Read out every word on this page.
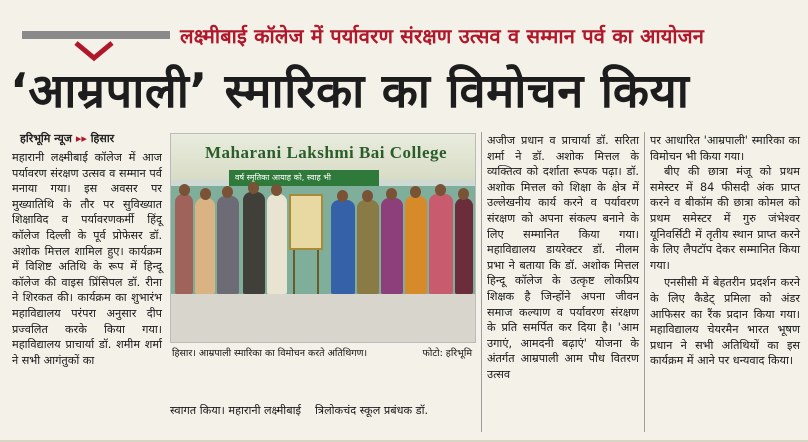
लक्ष्मीबाई कॉलेज में पर्यावरण संरक्षण उत्सव व सम्मान पर्व का आयोजन
‘आम्रपाली’ स्मारिका का विमोचन किया
हरिभूमि न्यूज ▸▸ हिसार

महारानी लक्ष्मीबाई कॉलेज में आज पर्यावरण संरक्षण उत्सव व सम्मान पर्व मनाया गया। इस अवसर पर मुख्यातिथि के तौर पर सुविख्यात शिक्षाविद व पर्यावरणकर्मी हिंदू कॉलेज दिल्ली के पूर्व प्रोफेसर डॉ. अशोक मित्तल शामिल हुए। कार्यक्रम में विशिष्ट अतिथि के रूप में हिन्दू कॉलेज की वाइस प्रिंसिपल डॉ. रीना ने शिरकत की। कार्यक्रम का शुभारंभ महाविद्यालय परंपरा अनुसार दीप प्रज्वलित करके किया गया। महाविद्यालय प्राचार्या डॉ. शमीम शर्मा ने सभी आगंतुकों का

Maharani Lakshmi Bai College
वर्ष स्मृतिका आयाह को, स्वाह भी
हिसार। आम्रपाली स्मारिका का विमोचन करते अतिथिगण।	फोटो: हरिभूमि
स्वागत किया। महारानी लक्ष्मीबाई त्रिलोकचंद स्कूल प्रबंधक डॉ.

अजीज प्रधान व प्राचार्या डॉ. सरिता शर्मा ने डॉ. अशोक मित्तल के व्यक्तित्व को दर्शाता रूपक पढ़ा। डॉ. अशोक मित्तल को शिक्षा के क्षेत्र में उल्लेखनीय कार्य करने व पर्यावरण संरक्षण को अपना संकल्प बनाने के लिए सम्मानित किया गया। महाविद्यालय डायरेक्टर डॉ. नीलम प्रभा ने बताया कि डॉ. अशोक मित्तल हिन्दू कॉलेज के उत्कृष्ट लोकप्रिय शिक्षक है जिन्होंने अपना जीवन समाज कल्याण व पर्यावरण संरक्षण के प्रति समर्पित कर दिया है। 'आम उगाएं, आमदनी बढ़ाएं' योजना के अंतर्गत आम्रपाली आम पौध वितरण उत्सव

पर आधारित 'आम्रपाली' स्मारिका का विमोचन भी किया गया।

बीए की छात्रा मंजू को प्रथम समेस्टर में 84 फीसदी अंक प्राप्त करने व बीकॉम की छात्रा कोमल को प्रथम समेस्टर में गुरु जंभेश्वर यूनिवर्सिटी में तृतीय स्थान प्राप्त करने के लिए लैपटॉप देकर सम्मानित किया गया।

एनसीसी में बेहतरीन प्रदर्शन करने के लिए कैडेट् प्रमिला को अंडर आफिसर का रैंक प्रदान किया गया। महाविद्यालय चेयरमैन भारत भूषण प्रधान ने सभी अतिथियों का इस कार्यक्रम में आने पर धन्यवाद किया।
